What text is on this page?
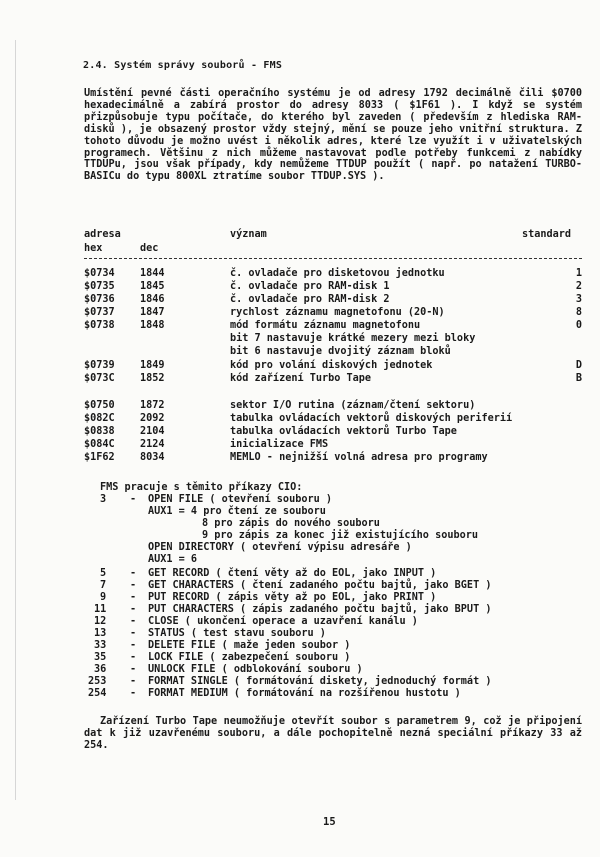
2.4. Systém správy souborů - FMS

Umístění pevné části operačního systému je od adresy 1792 decimálně čili $0700 hexadecimálně a zabírá prostor do adresy 8033 ( $1F61 ). I když se systém přizpůsobuje typu počítače, do kterého byl zaveden ( především z hlediska RAM-disků ), je obsazený prostor vždy stejný, mění se pouze jeho vnitřní struktura. Z tohoto důvodu je možno uvést i několik adres, které lze využít i v uživatelských programech. Většinu z nich můžeme nastavovat podle potřeby funkcemi z nabídky TTDUPu, jsou však případy, kdy nemůžeme TTDUP použít ( např. po natažení TURBO-BASICu do typu 800XL ztratíme soubor TTDUP.SYS ).

adresa	význam	standard
hex	dec
$0734 1844	č. ovladače pro disketovou jednotku	1
$0735 1845	č. ovladače pro RAM-disk 1	2
$0736 1846	č. ovladače pro RAM-disk 2	3
$0737 1847	rychlost záznamu magnetofonu (20-N)	8
$0738 1848	mód formátu záznamu magnetofonu	0
bit 7 nastavuje krátké mezery mezi bloky
bit 6 nastavuje dvojitý záznam bloků
$0739 1849	kód pro volání diskových jednotek	D
$073C 1852	kód zařízení Turbo Tape	B
$0750 1872	sektor I/O rutina (záznam/čtení sektoru)
$082C 2092	tabulka ovládacích vektorů diskových periferií
$0838 2104	tabulka ovládacích vektorů Turbo Tape
$084C 2124	inicializace FMS
$1F62 8034	MEMLO - nejnižší volná adresa pro programy
FMS pracuje s těmito příkazy CIO:
3 - OPEN FILE ( otevření souboru )
AUX1 = 4 pro čtení ze souboru
8 pro zápis do nového souboru
9 pro zápis za konec již existujícího souboru
OPEN DIRECTORY ( otevření výpisu adresáře )
AUX1 = 6
5 - GET RECORD ( čtení věty až do EOL, jako INPUT )
7 - GET CHARACTERS ( čtení zadaného počtu bajtů, jako BGET )
9 - PUT RECORD ( zápis věty až po EOL, jako PRINT )
11 - PUT CHARACTERS ( zápis zadaného počtu bajtů, jako BPUT )
12 - CLOSE ( ukončení operace a uzavření kanálu )
13 - STATUS ( test stavu souboru )
33 - DELETE FILE ( maže jeden soubor )
35 - LOCK FILE ( zabezpečení souboru )
36 - UNLOCK FILE ( odblokování souboru )
253 - FORMAT SINGLE ( formátování diskety, jednoduchý formát )
254 - FORMAT MEDIUM ( formátování na rozšířenou hustotu )

Zařízení Turbo Tape neumožňuje otevřít soubor s parametrem 9, což je připojení dat k již uzavřenému souboru, a dále pochopitelně nezná speciální příkazy 33 až 254.

15
